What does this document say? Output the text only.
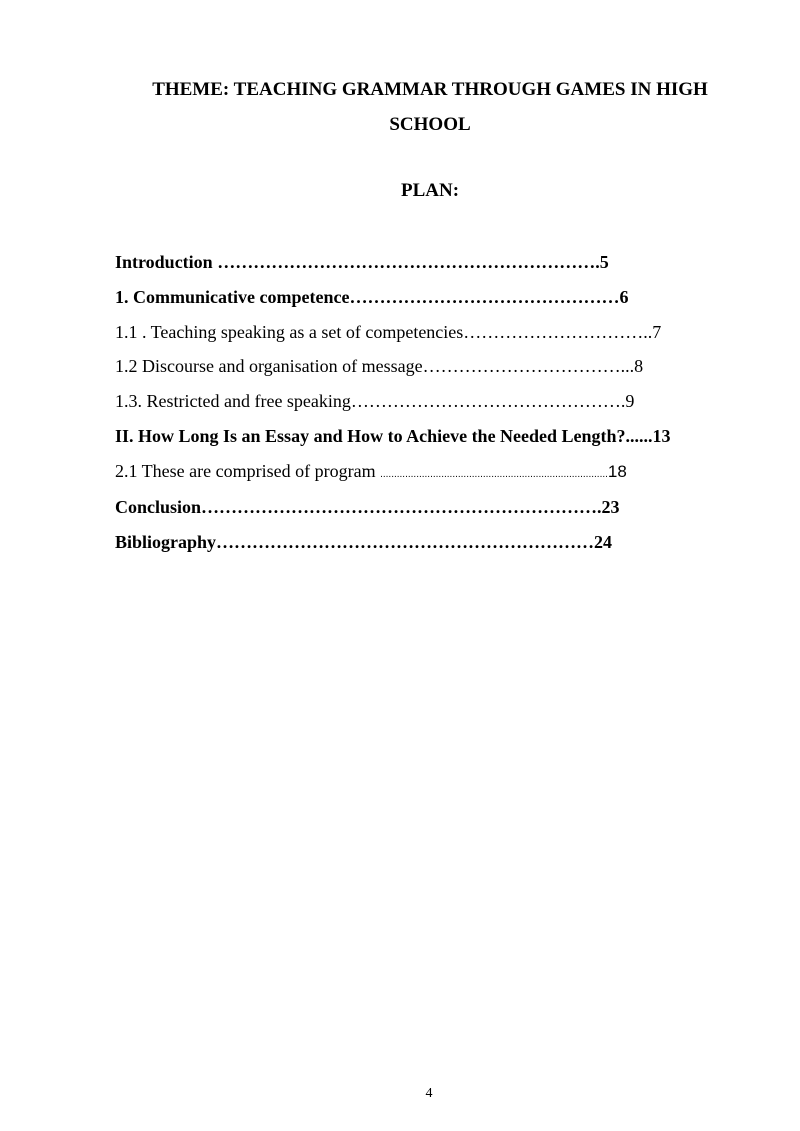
THEME: TEACHING GRAMMAR THROUGH GAMES IN HIGH SCHOOL
PLAN:
Introduction ……………………………………………………….5
1. Communicative competence………………………………………6
1.1 . Teaching speaking as a set of competencies…………………………..7
1.2 Discourse and organisation of message……………………………...8
1.3. Restricted and free speaking……………………………………….9
II. How Long Is an Essay and How to Achieve the Needed Length?......13
2.1 These are comprised of program ..................................................................................18
Conclusion………………………………………………………….23
Bibliography………………………………………………………24
4
